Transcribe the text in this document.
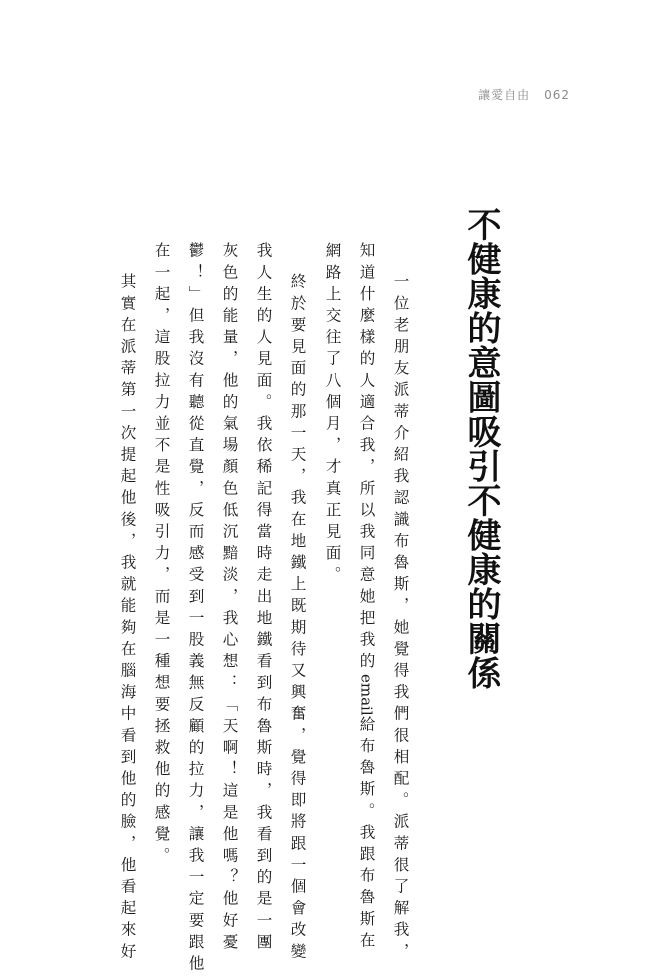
讓愛自由 062
不健康的意圖吸引不健康的關係
一位老朋友派蒂介紹我認識布魯斯，她覺得我們很相配。派蒂很了解我，
知道什麼樣的人適合我，所以我同意她把我的email給布魯斯。我跟布魯斯在
網路上交往了八個月，才真正見面。
終於要見面的那一天，我在地鐵上既期待又興奮，覺得即將跟一個會改變
我人生的人見面。我依稀記得當時走出地鐵看到布魯斯時，我看到的是一團
灰色的能量，他的氣場顏色低沉黯淡，我心想：「天啊！這是他嗎？他好憂
鬱！」但我沒有聽從直覺，反而感受到一股義無反顧的拉力，讓我一定要跟他
在一起，這股拉力並不是性吸引力，而是一種想要拯救他的感覺。
其實在派蒂第一次提起他後，我就能夠在腦海中看到他的臉，他看起來好
